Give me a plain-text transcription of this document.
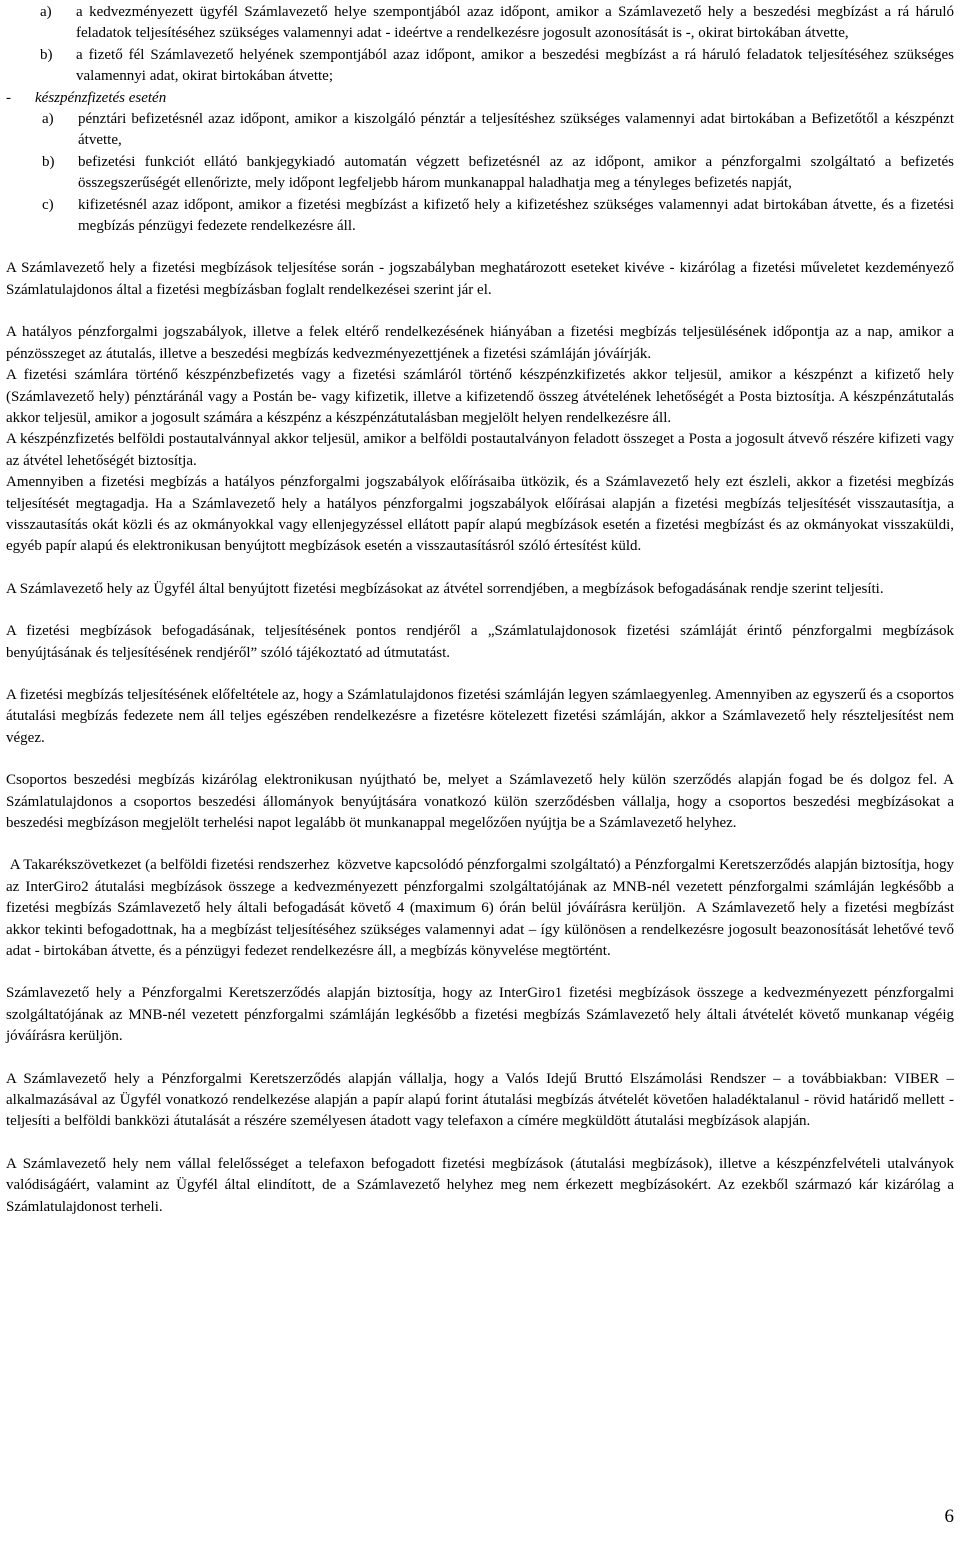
a) a kedvezményezett ügyfél Számlavezető helye szempontjából azaz időpont, amikor a Számlavezető hely a beszedési megbízást a rá háruló feladatok teljesítéséhez szükséges valamennyi adat - ideértve a rendelkezésre jogosult azonosítását is -, okirat birtokában átvette,
b) a fizető fél Számlavezető helyének szempontjából azaz időpont, amikor a beszedési megbízást a rá háruló feladatok teljesítéséhez szükséges valamennyi adat, okirat birtokában átvette;
- készpénzfizetés esetén
a) pénztári befizetésnél azaz időpont, amikor a kiszolgáló pénztár a teljesítéshez szükséges valamennyi adat birtokában a Befizetőtől a készpénzt átvette,
b) befizetési funkciót ellátó bankjegykiadó automatán végzett befizetésnél az az időpont, amikor a pénzforgalmi szolgáltató a befizetés összegszerűségét ellenőrizte, mely időpont legfeljebb három munkanappal haladhatja meg a tényleges befizetés napját,
c) kifizetésnél azaz időpont, amikor a fizetési megbízást a kifizető hely a kifizetéshez szükséges valamennyi adat birtokában átvette, és a fizetési megbízás pénzügyi fedezete rendelkezésre áll.

A Számlavezető hely a fizetési megbízások teljesítése során - jogszabályban meghatározott eseteket kivéve - kizárólag a fizetési műveletet kezdeményező Számlatulajdonos által a fizetési megbízásban foglalt rendelkezései szerint jár el.

A hatályos pénzforgalmi jogszabályok, illetve a felek eltérő rendelkezésének hiányában a fizetési megbízás teljesülésének időpontja az a nap, amikor a pénzösszeget az átutalás, illetve a beszedési megbízás kedvezményezettjének a fizetési számláján jóváírják.

A fizetési számlára történő készpénzbefizetés vagy a fizetési számláról történő készpénzkifizetés akkor teljesül, amikor a készpénzt a kifizető hely (Számlavezető hely) pénztáránál vagy a Postán be- vagy kifizetik, illetve a kifizetendő összeg átvételének lehetőségét a Posta biztosítja. A készpénzátutalás akkor teljesül, amikor a jogosult számára a készpénz a készpénzátutalásban megjelölt helyen rendelkezésre áll.

A készpénzfizetés belföldi postautalvánnyal akkor teljesül, amikor a belföldi postautalványon feladott összeget a Posta a jogosult átvevő részére kifizeti vagy az átvétel lehetőségét biztosítja.

Amennyiben a fizetési megbízás a hatályos pénzforgalmi jogszabályok előírásaiba ütközik, és a Számlavezető hely ezt észleli, akkor a fizetési megbízás teljesítését megtagadja. Ha a Számlavezető hely a hatályos pénzforgalmi jogszabályok előírásai alapján a fizetési megbízás teljesítését visszautasítja, a visszautasítás okát közli és az okmányokkal vagy ellenjegyzéssel ellátott papír alapú megbízások esetén a fizetési megbízást és az okmányokat visszaküldi, egyéb papír alapú és elektronikusan benyújtott megbízások esetén a visszautasításról szóló értesítést küld.

A Számlavezető hely az Ügyfél által benyújtott fizetési megbízásokat az átvétel sorrendjében, a megbízások befogadásának rendje szerint teljesíti.

A fizetési megbízások befogadásának, teljesítésének pontos rendjéről a „Számlatulajdonosok fizetési számláját érintő pénzforgalmi megbízások benyújtásának és teljesítésének rendjéről” szóló tájékoztató ad útmutatást.

A fizetési megbízás teljesítésének előfeltétele az, hogy a Számlatulajdonos fizetési számláján legyen számlaegyenleg. Amennyiben az egyszerű és a csoportos átutalási megbízás fedezete nem áll teljes egészében rendelkezésre a fizetésre kötelezett fizetési számláján, akkor a Számlavezető hely részteljesítést nem végez.

Csoportos beszedési megbízás kizárólag elektronikusan nyújtható be, melyet a Számlavezető hely külön szerződés alapján fogad be és dolgoz fel. A Számlatulajdonos a csoportos beszedési állományok benyújtására vonatkozó külön szerződésben vállalja, hogy a csoportos beszedési megbízásokat a beszedési megbízáson megjelölt terhelési napot legalább öt munkanappal megelőzően nyújtja be a Számlavezető helyhez.

A Takarékszövetkezet (a belföldi fizetési rendszerhez  közvetve kapcsolódó pénzforgalmi szolgáltató) a Pénzforgalmi Keretszerződés alapján biztosítja, hogy az InterGiro2 átutalási megbízások összege a kedvezményezett pénzforgalmi szolgáltatójának az MNB-nél vezetett pénzforgalmi számláján legkésőbb a fizetési megbízás Számlavezető hely általi befogadását követő 4 (maximum 6) órán belül jóváírásra kerüljön.  A Számlavezető hely a fizetési megbízást akkor tekinti befogadottnak, ha a megbízást teljesítéséhez szükséges valamennyi adat – így különösen a rendelkezésre jogosult beazonosítását lehetővé tevő adat - birtokában átvette, és a pénzügyi fedezet rendelkezésre áll, a megbízás könyvelése megtörtént.

Számlavezető hely a Pénzforgalmi Keretszerződés alapján biztosítja, hogy az InterGiro1 fizetési megbízások összege a kedvezményezett pénzforgalmi szolgáltatójának az MNB-nél vezetett pénzforgalmi számláján legkésőbb a fizetési megbízás Számlavezető hely általi átvételét követő munkanap végéig jóváírásra kerüljön.

A Számlavezető hely a Pénzforgalmi Keretszerződés alapján vállalja, hogy a Valós Idejű Bruttó Elszámolási Rendszer – a továbbiakban: VIBER – alkalmazásával az Ügyfél vonatkozó rendelkezése alapján a papír alapú forint átutalási megbízás átvételét követően haladéktalanul - rövid határidő mellett - teljesíti a belföldi bankközi átutalását a részére személyesen átadott vagy telefaxon a címére megküldött átutalási megbízások alapján.

A Számlavezető hely nem vállal felelősséget a telefaxon befogadott fizetési megbízások (átutalási megbízások), illetve a készpénzfelvételi utalványok valódiságáért, valamint az Ügyfél által elindított, de a Számlavezető helyhez meg nem érkezett megbízásokért. Az ezekből származó kár kizárólag a Számlatulajdonost terheli.

6
